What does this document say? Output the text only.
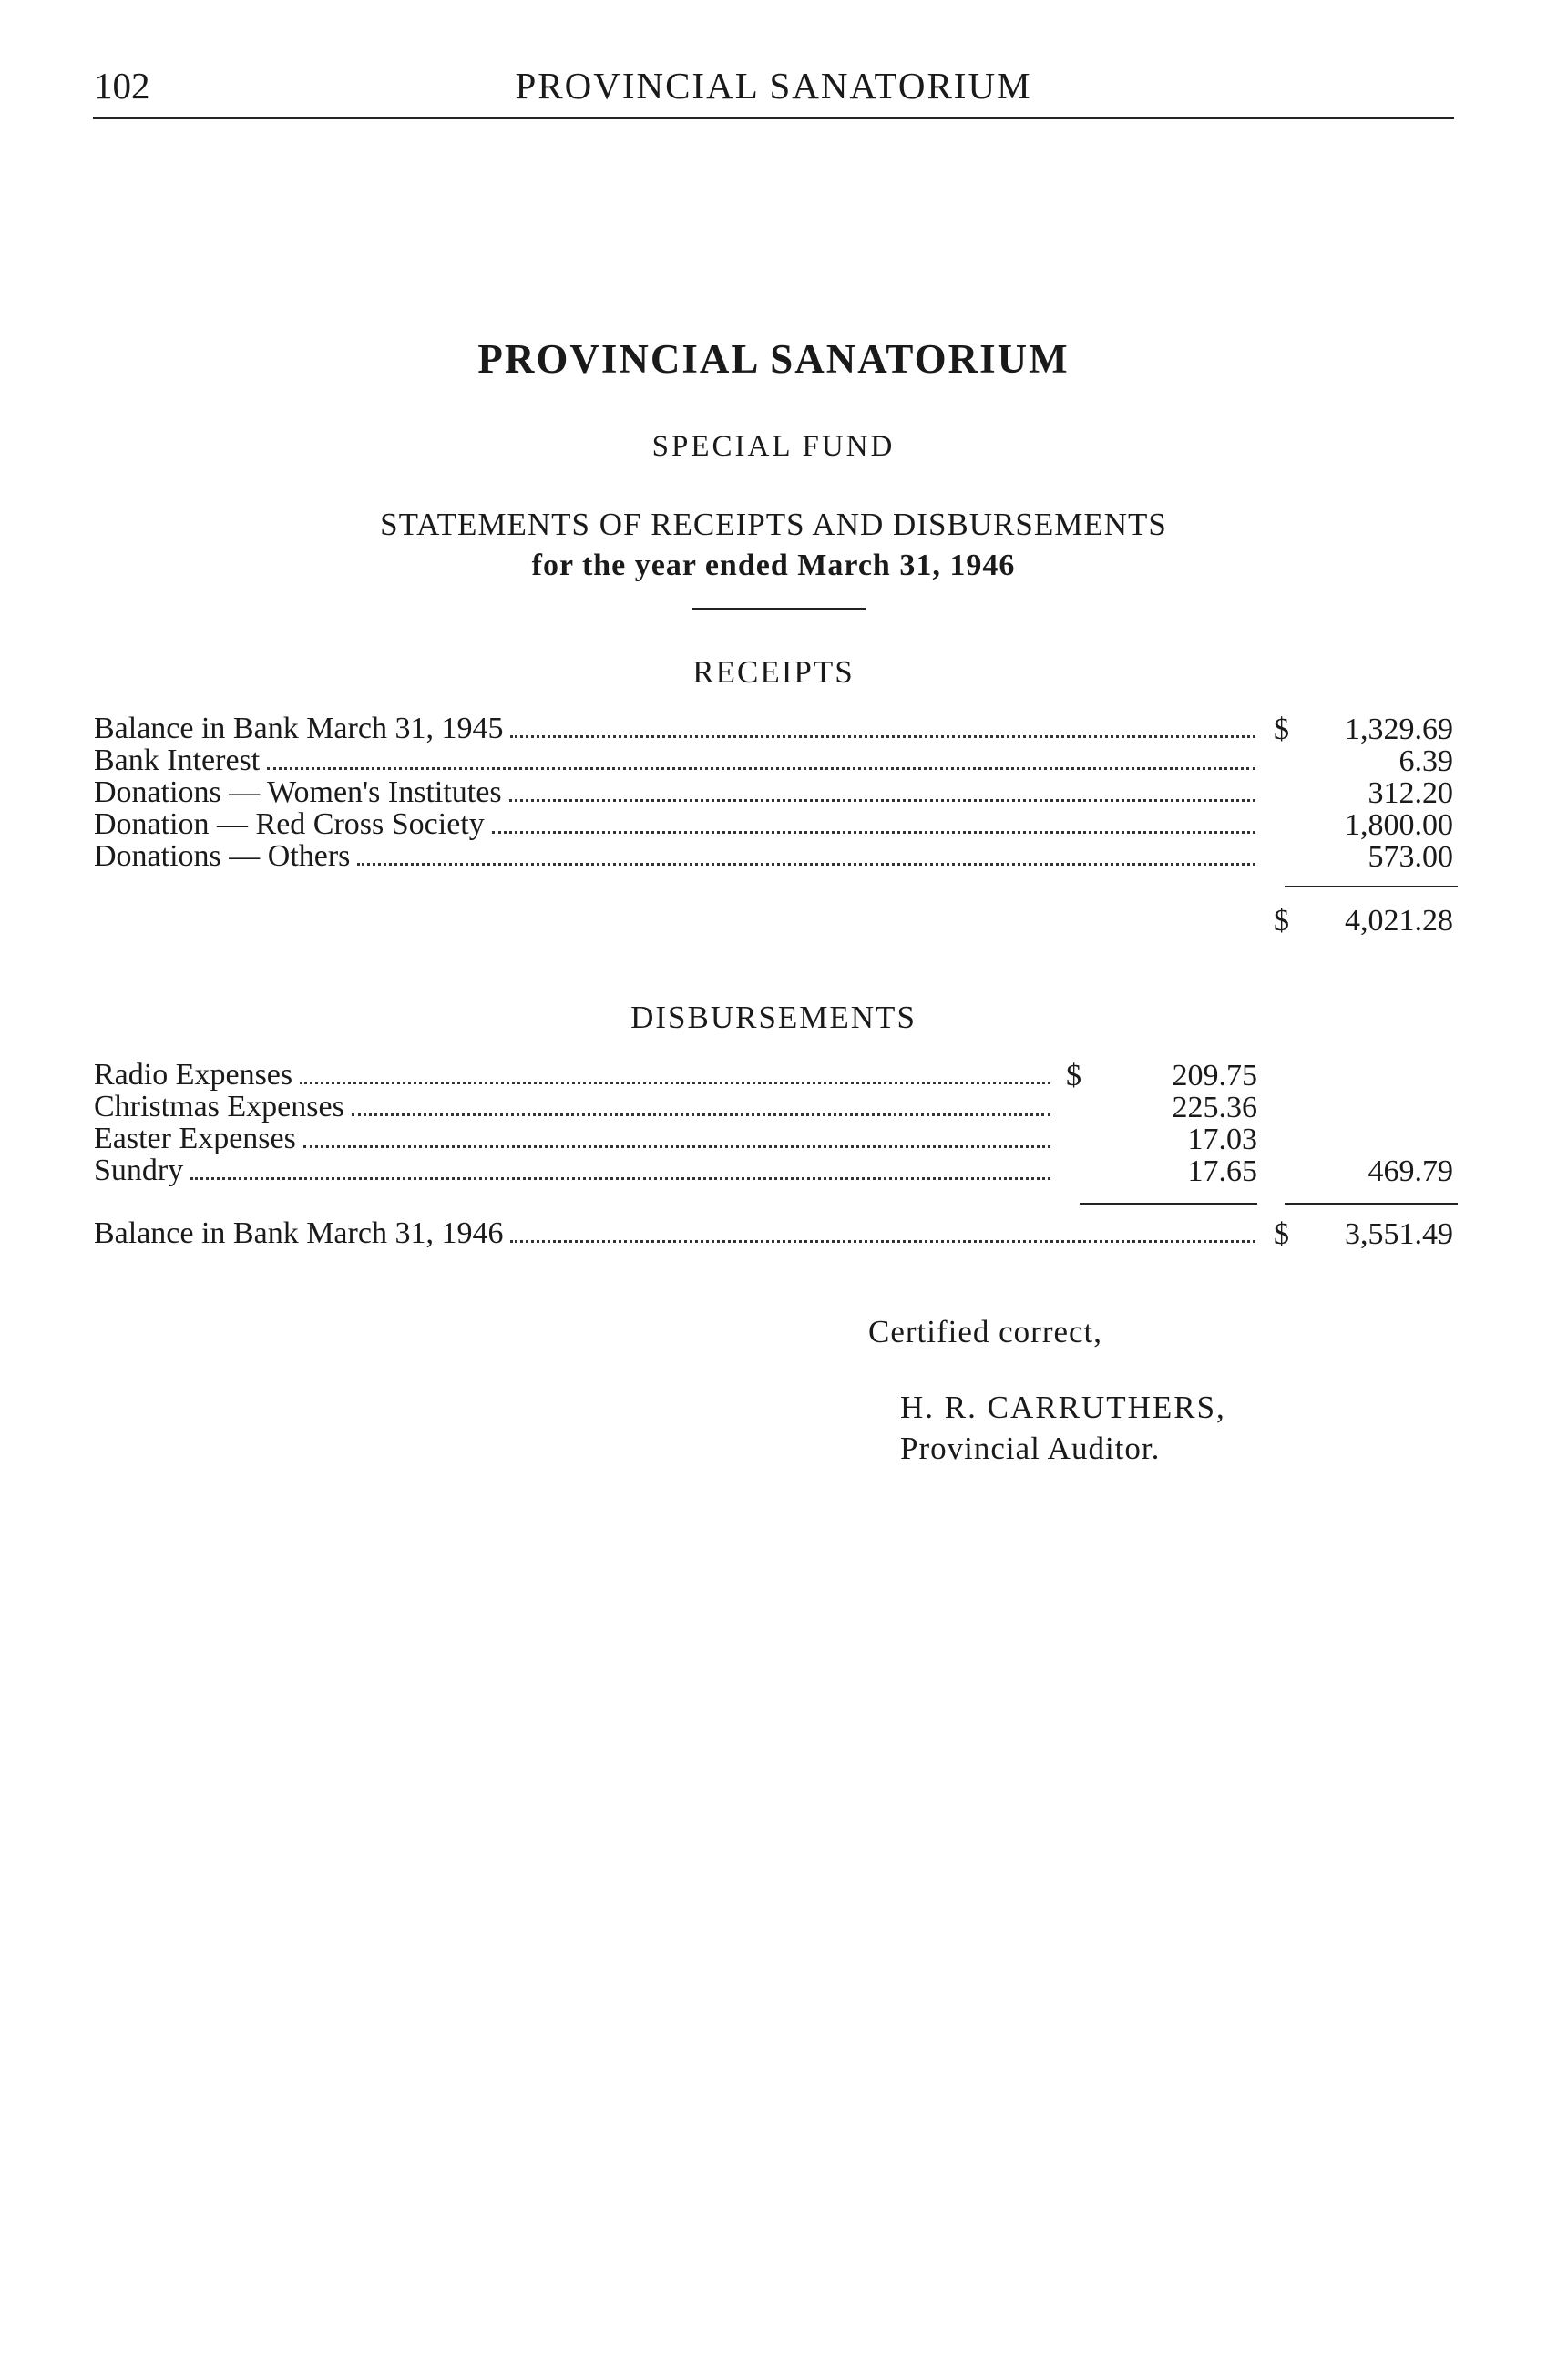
102	PROVINCIAL SANATORIUM
PROVINCIAL SANATORIUM
SPECIAL FUND
STATEMENTS OF RECEIPTS AND DISBURSEMENTS
for the year ended March 31, 1946
RECEIPTS
Balance in Bank March 31, 1945	$	1,329.69
Bank Interest	6.39
Donations — Women's Institutes	312.20
Donation — Red Cross Society	1,800.00
Donations — Others	573.00
$	4,021.28
DISBURSEMENTS
Radio Expenses	$	209.75
Christmas Expenses	225.36
Easter Expenses	17.03
Sundry	17.65	469.79
Balance in Bank March 31, 1946	$	3,551.49
Certified correct,
H. R. CARRUTHERS,
Provincial Auditor.
